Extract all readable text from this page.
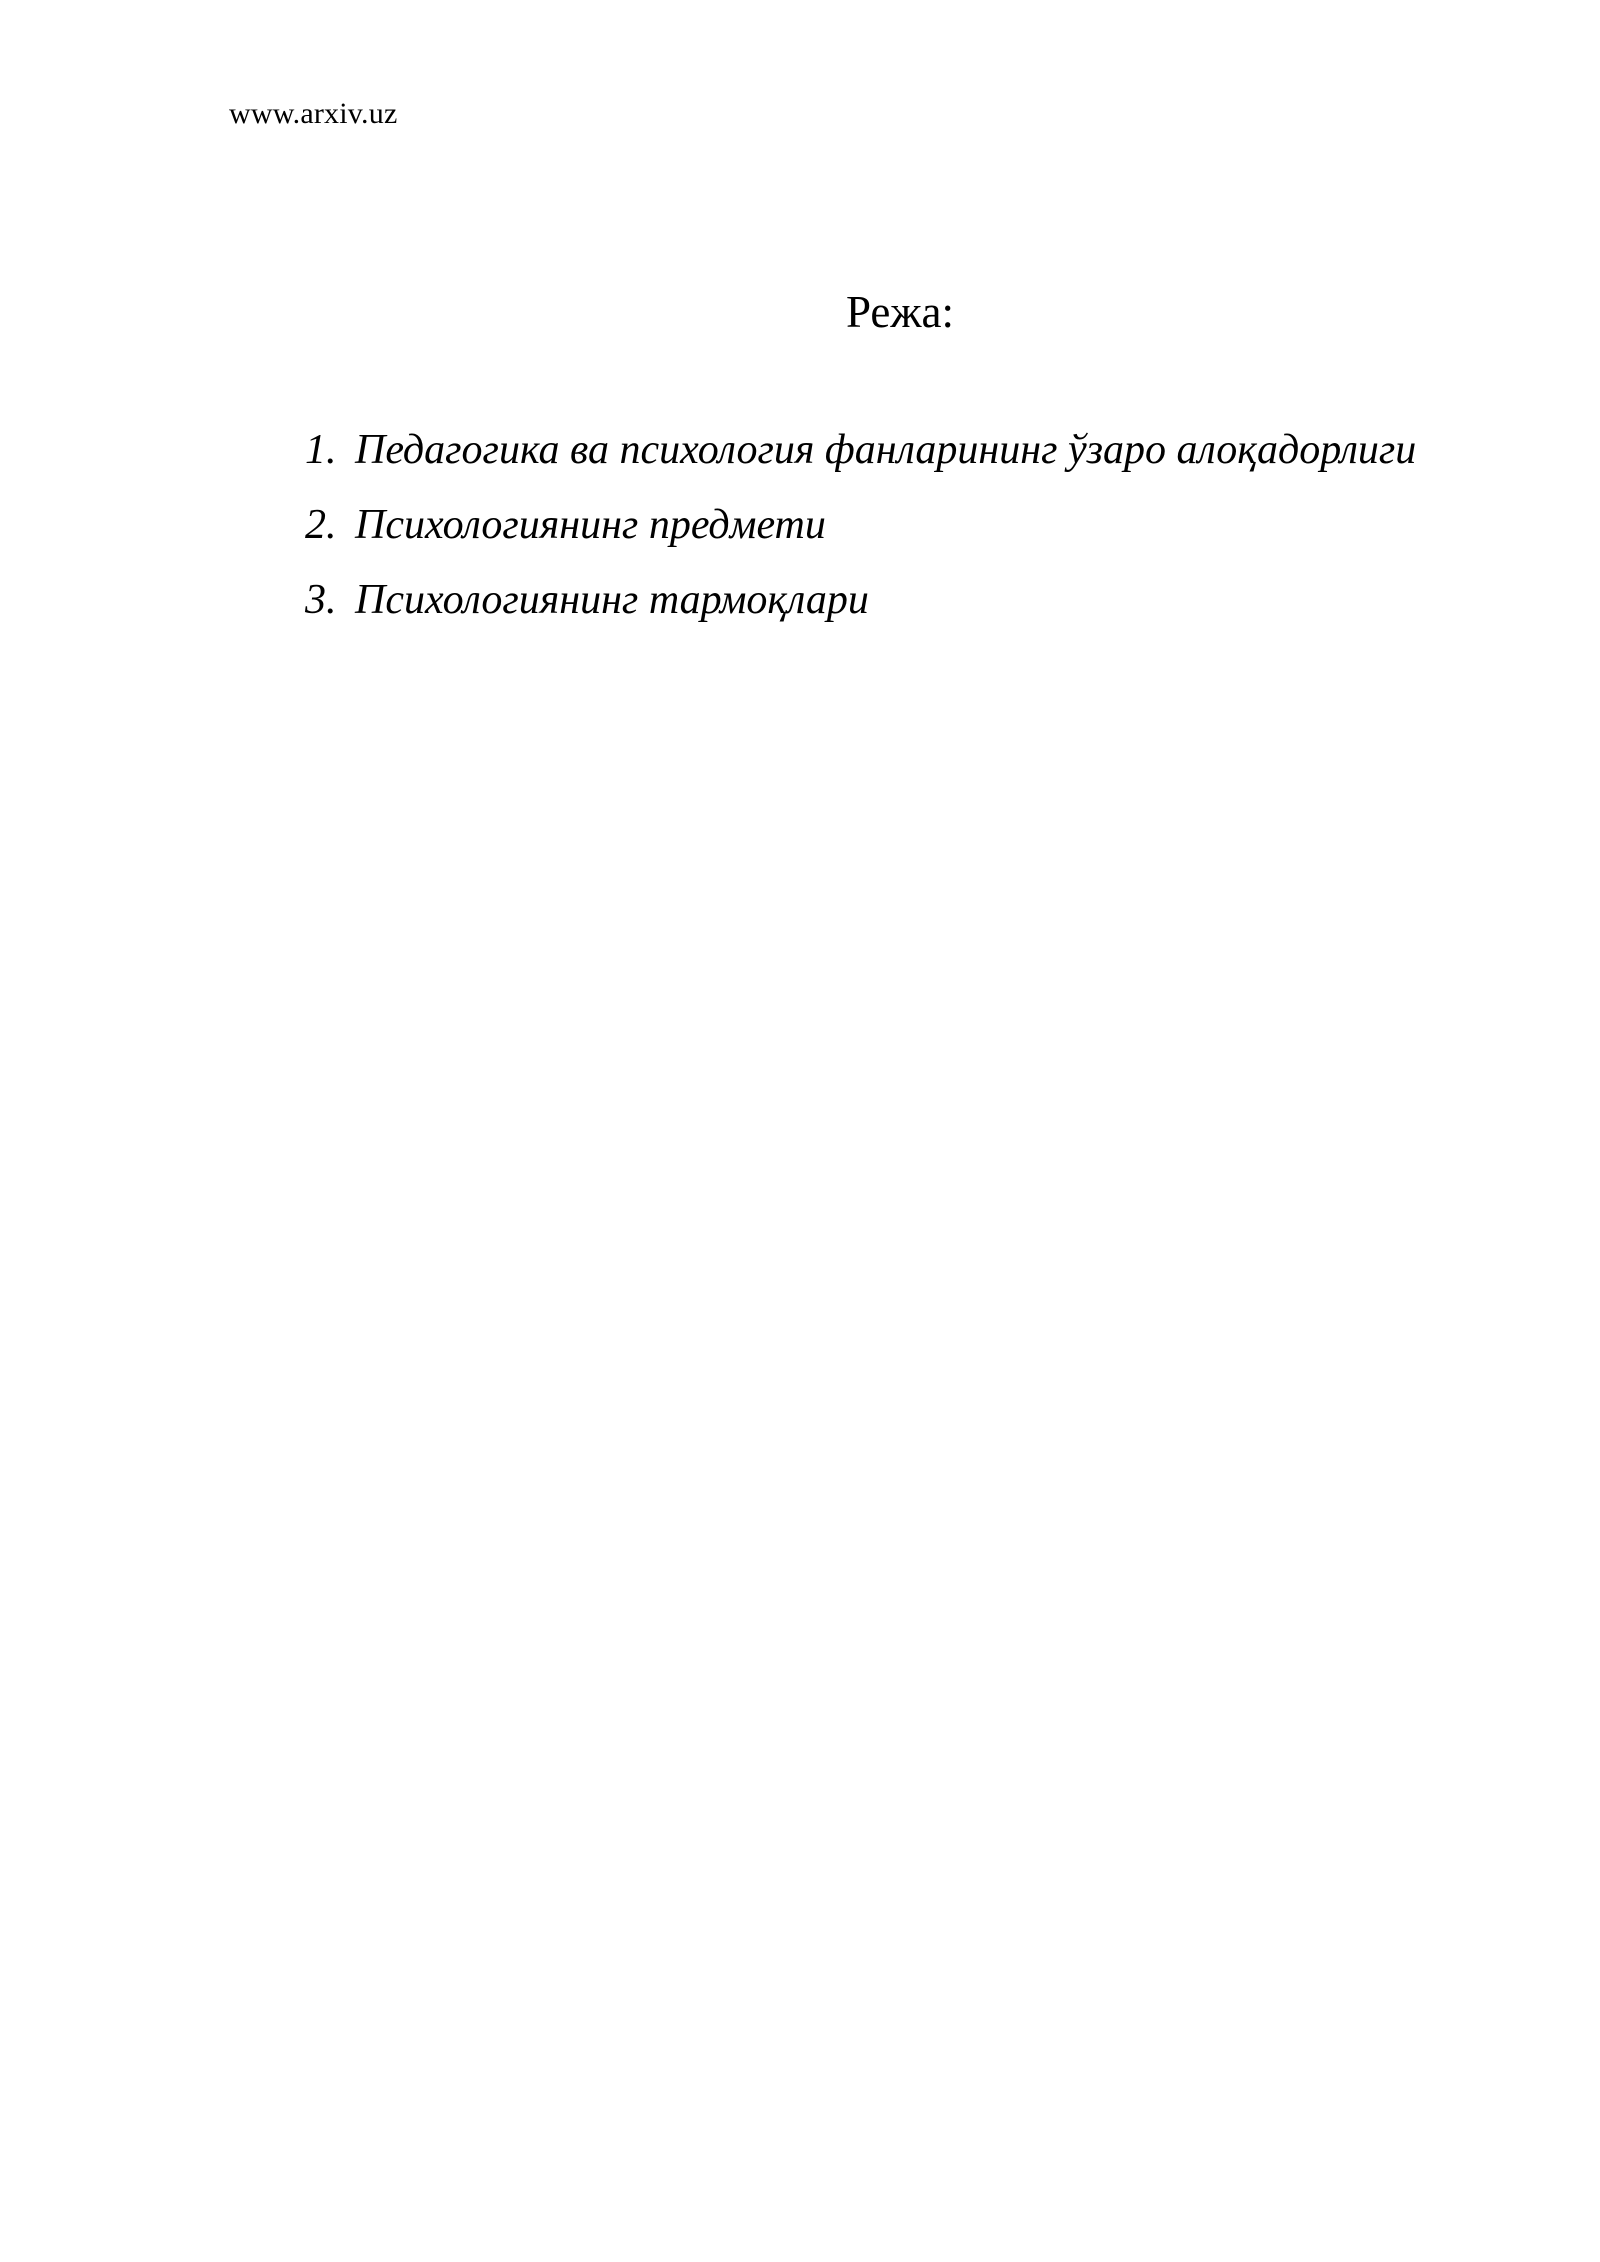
www.arxiv.uz
Режа:
1. Педагогика ва психология фанларининг ўзаро алоқадорлиги
2. Психологиянинг предмети
3. Психологиянинг тармоқлари
